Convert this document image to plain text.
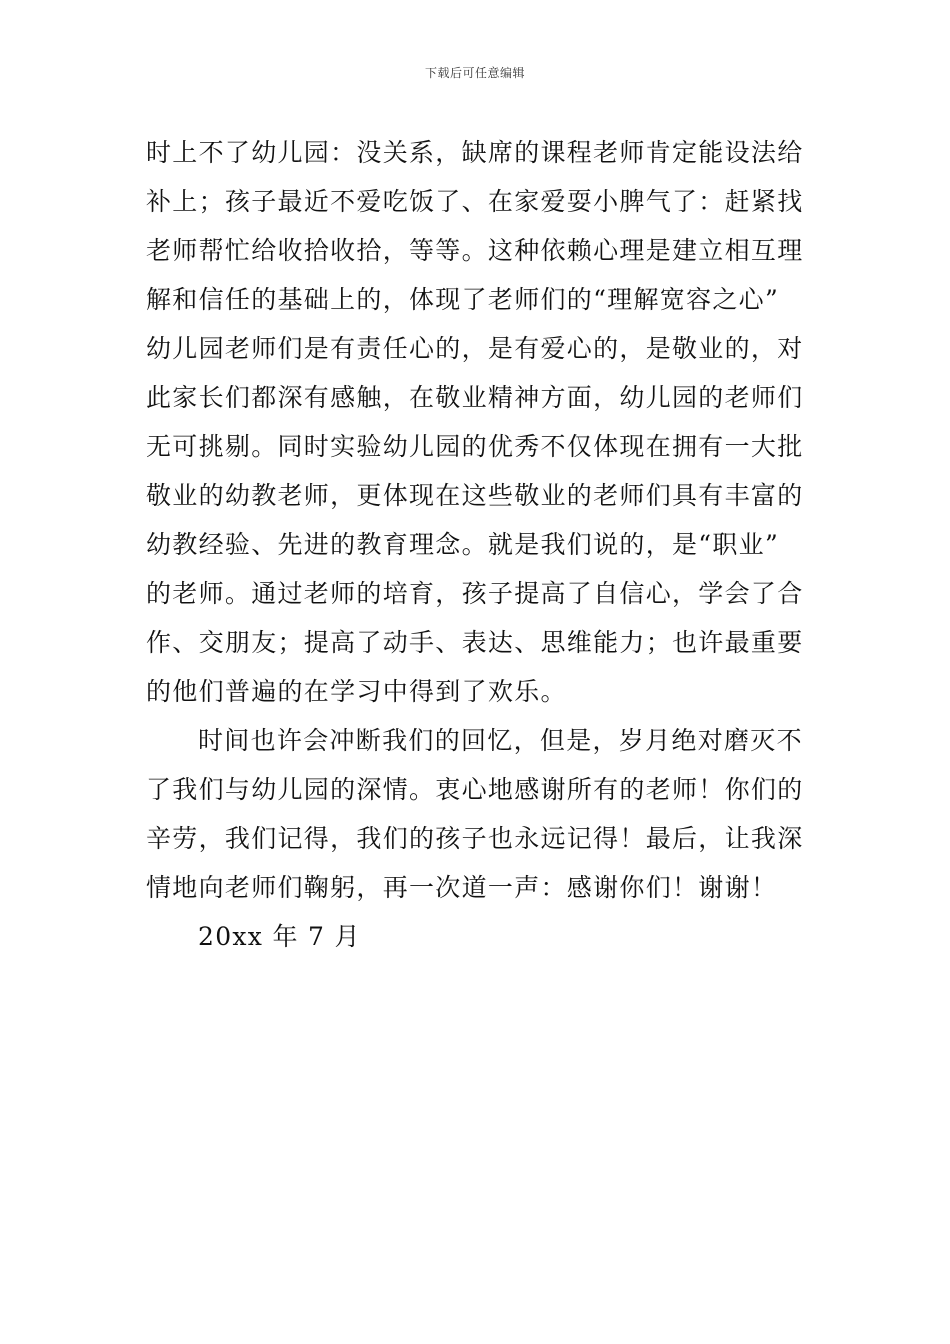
下载后可任意编辑
时上不了幼儿园：没关系，缺席的课程老师肯定能设法给
补上；孩子最近不爱吃饭了、在家爱耍小脾气了：赶紧找
老师帮忙给收拾收拾，等等。这种依赖心理是建立相互理
解和信任的基础上的，体现了老师们的“理解宽容之心”
幼儿园老师们是有责任心的，是有爱心的，是敬业的，对
此家长们都深有感触，在敬业精神方面，幼儿园的老师们
无可挑剔。同时实验幼儿园的优秀不仅体现在拥有一大批
敬业的幼教老师，更体现在这些敬业的老师们具有丰富的
幼教经验、先进的教育理念。就是我们说的，是“职业”
的老师。通过老师的培育，孩子提高了自信心，学会了合
作、交朋友；提高了动手、表达、思维能力；也许最重要
的他们普遍的在学习中得到了欢乐。
时间也许会冲断我们的回忆，但是，岁月绝对磨灭不
了我们与幼儿园的深情。衷心地感谢所有的老师！你们的
辛劳，我们记得，我们的孩子也永远记得！最后，让我深
情地向老师们鞠躬，再一次道一声：感谢你们！谢谢！
20xx 年 7 月
